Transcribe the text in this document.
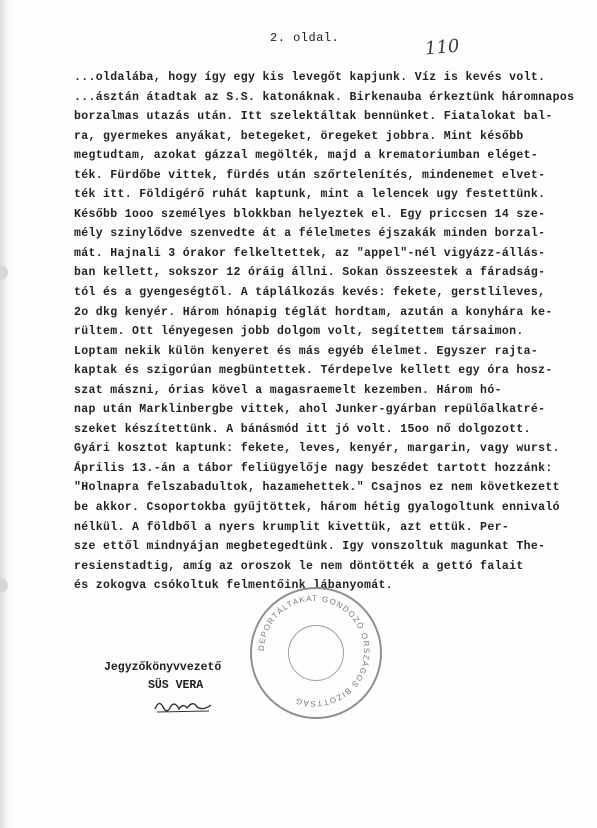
2. oldal.	110
...oldalába, hogy így egy kis levegőt kapjunk. Víz is kevés volt.
...ásztán átadtak az S.S. katonáknak. Birkenauba érkeztünk háromnapos
borzalmas utazás után. Itt szelektáltak bennünket. Fiatalokat bal-
ra, gyermekes anyákat, betegeket, öregeket jobbra. Mint később
megtudtam, azokat gázzal megölték, majd a krematoriumban eléget-
ték. Fürdőbe vittek, fürdés után szőrtelenítés, mindenemet elvet-
ték itt. Földigérő ruhát kaptunk, mint a lelencek ugy festettünk.
Később 1ooo személyes blokkban helyeztek el. Egy priccsen 14 sze-
mély szinylődve szenvedte át a félelmetes éjszakák minden borzal-
mát. Hajnali 3 órakor felkeltettek, az "appel"-nél vigyázz-állás-
ban kellett, sokszor 12 óráig állni. Sokan összeestek a fáradság-
tól és a gyengeségtől. A táplálkozás kevés: fekete, gerstlileves,
2o dkg kenyér. Három hónapig téglát hordtam, azután a konyhára ke-
rültem. Ott lényegesen jobb dolgom volt, segítettem társaimon.
Loptam nekik külön kenyeret és más egyéb élelmet. Egyszer rajta-
kaptak és szigorúan megbüntettek. Térdepelve kellett egy óra hosz-
szat mászni, órias kövel a magasraemelt kezemben. Három hó-
nap után Marklinbergbe vittek, ahol Junker-gyárban repülőalkatré-
szeket készítettünk. A bánásmód itt jó volt. 15oo nő dolgozott.
Gyári kosztot kaptunk: fekete, leves, kenyér, margarin, vagy wurst.
Április 13.-án a tábor feliügyelője nagy beszédet tartott hozzánk:
"Holnapra felszabadultok, hazamehettek." Csajnos ez nem következett
be akkor. Csoportokba gyűjtöttek, három hétig gyalogoltunk ennivaló
nélkül. A földből a nyers krumplit kivettük, azt ettük. Per-
sze ettől mindnyájan megbetegedtünk. Igy vonszoltuk magunkat The-
resienstadtig, amíg az oroszok le nem döntötték a gettó falait
és zokogva csókoltuk felmentőink lábanyomát.
Jegyzőkönyvvezető
SÜS VERA
DEPORTÁLTAKAT GONDOZÓ ORSZÁGOS BIZOTTSÁG
